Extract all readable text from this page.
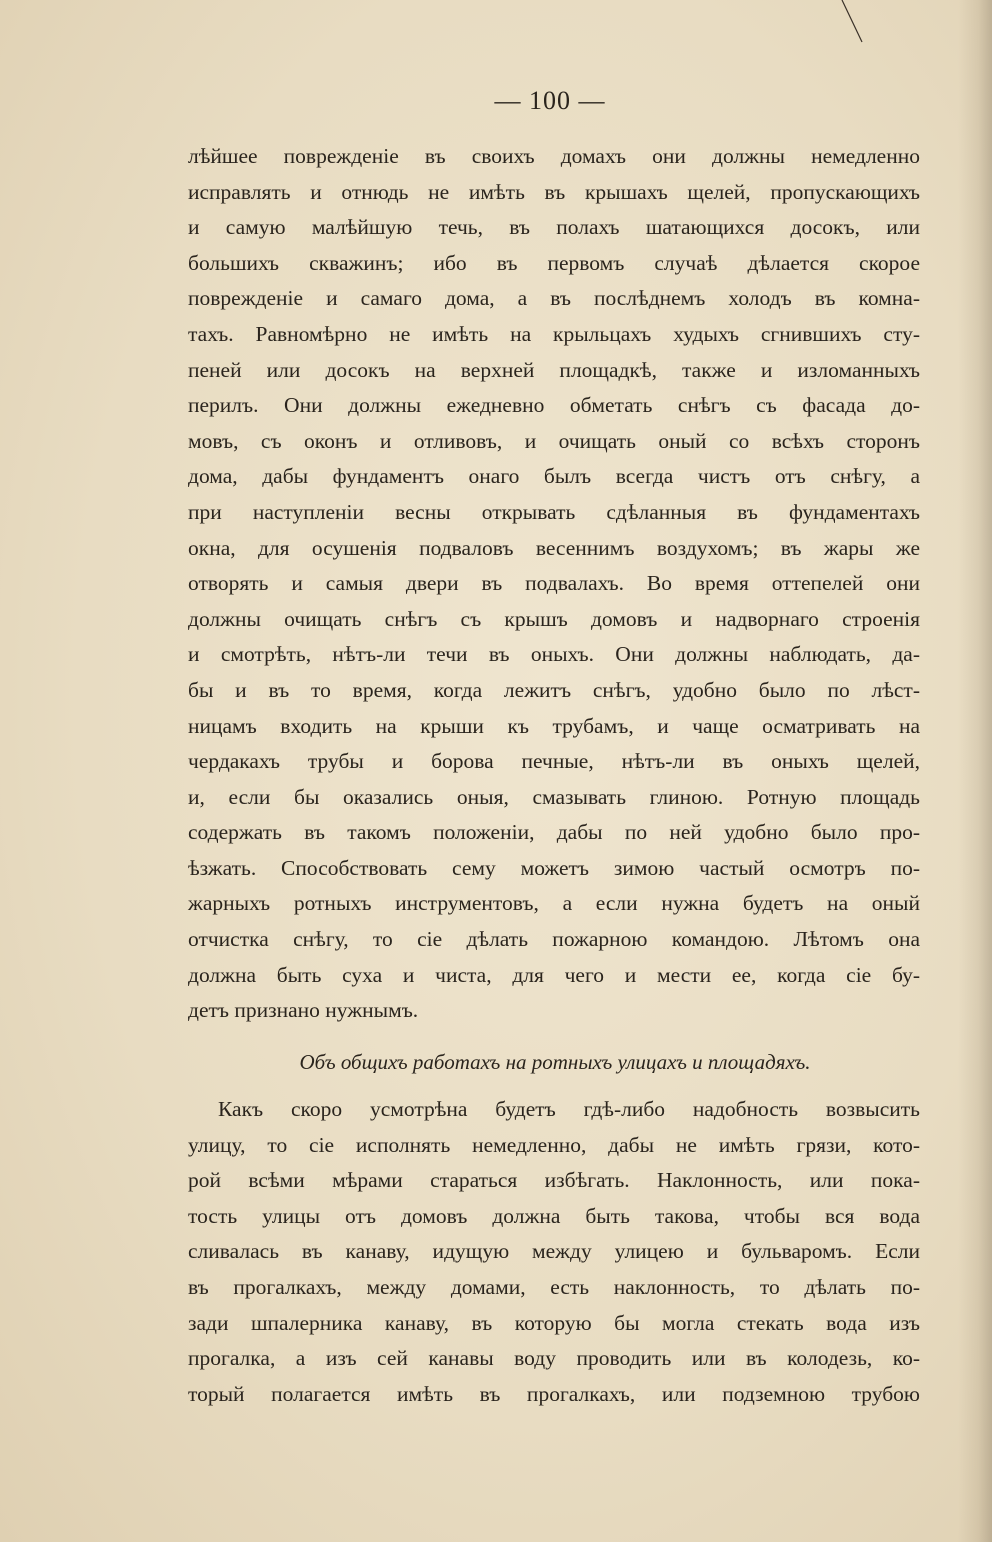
— 100 —
лѣйшее поврежденіе въ своихъ домахъ они должны немедленно
исправлять и отнюдь не имѣть въ крышахъ щелей, пропускающихъ
и самую малѣйшую течь, въ полахъ шатающихся досокъ, или
большихъ скважинъ; ибо въ первомъ случаѣ дѣлается скорое
поврежденіе и самаго дома, а въ послѣднемъ холодъ въ комна-
тахъ. Равномѣрно не имѣть на крыльцахъ худыхъ сгнившихъ сту-
пеней или досокъ на верхней площадкѣ, также и изломанныхъ
перилъ. Они должны ежедневно обметать снѣгъ съ фасада до-
мовъ, съ оконъ и отливовъ, и очищать оный со всѣхъ сторонъ
дома, дабы фундаментъ онаго былъ всегда чистъ отъ снѣгу, а
при наступленіи весны открывать сдѣланныя въ фундаментахъ
окна, для осушенія подваловъ весеннимъ воздухомъ; въ жары же
отворять и самыя двери въ подвалахъ. Во время оттепелей они
должны очищать снѣгъ съ крышъ домовъ и надворнаго строенія
и смотрѣть, нѣтъ-ли течи въ оныхъ. Они должны наблюдать, да-
бы и въ то время, когда лежитъ снѣгъ, удобно было по лѣст-
ницамъ входить на крыши къ трубамъ, и чаще осматривать на
чердакахъ трубы и борова печные, нѣтъ-ли въ оныхъ щелей,
и, если бы оказались оныя, смазывать глиною. Ротную площадь
содержать въ такомъ положеніи, дабы по ней удобно было про-
ѣзжать. Способствовать сему можетъ зимою частый осмотръ по-
жарныхъ ротныхъ инструментовъ, а если нужна будетъ на оный
отчистка снѣгу, то сіе дѣлать пожарною командою. Лѣтомъ она
должна быть суха и чиста, для чего и мести ее, когда сіе бу-
детъ признано нужнымъ.
Объ общихъ работахъ на ротныхъ улицахъ и площадяхъ.
Какъ скоро усмотрѣна будетъ гдѣ-либо надобность возвысить
улицу, то сіе исполнять немедленно, дабы не имѣть грязи, кото-
рой всѣми мѣрами стараться избѣгать. Наклонность, или пока-
тость улицы отъ домовъ должна быть такова, чтобы вся вода
сливалась въ канаву, идущую между улицею и бульваромъ. Если
въ прогалкахъ, между домами, есть наклонность, то дѣлать по-
зади шпалерника канаву, въ которую бы могла стекать вода изъ
прогалка, а изъ сей канавы воду проводить или въ колодезь, ко-
торый полагается имѣть въ прогалкахъ, или подземною трубою
